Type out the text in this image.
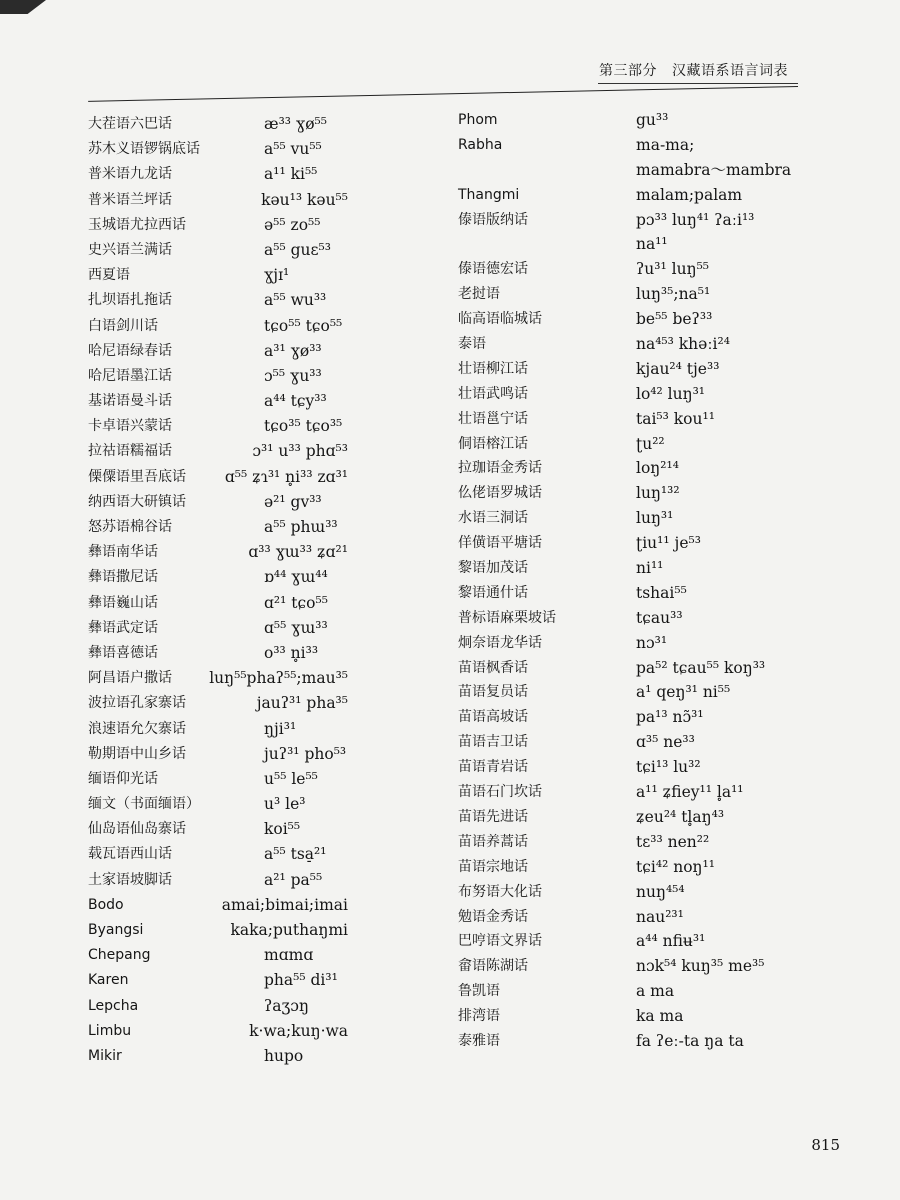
第三部分 汉藏语系语言词表
大茬语六巴话	æ³³ ɣø⁵⁵
苏木义语锣锅底话	a⁵⁵ vu⁵⁵
普米语九龙话	a¹¹ ki⁵⁵
普米语兰坪话	kəu¹³ kəu⁵⁵
玉城语尤拉西话	ə⁵⁵ zo⁵⁵
史兴语兰满话	a⁵⁵ guɛ⁵³
西夏语	ɣjɪ¹
扎坝语扎拖话	a⁵⁵ wu³³
白语剑川话	tɕo⁵⁵ tɕo⁵⁵
哈尼语绿春话	a³¹ ɣø³³
哈尼语墨江话	ɔ⁵⁵ ɣu³³
基诺语曼斗话	a⁴⁴ tɕy³³
卡卓语兴蒙话	tɕo³⁵ tɕo³⁵
拉祜语糯福话	ɔ³¹ u³³ phɑ⁵³
傈僳语里吾底话	ɑ⁵⁵ ʑɿ³¹ n̥i³³ zɑ³¹
纳西语大研镇话	ə²¹ gv³³
怒苏语棉谷话	a⁵⁵ phɯ³³
彝语南华话	ɑ³³ ɣɯ³³ ʑɑ²¹
彝语撒尼话	ɒ⁴⁴ ɣɯ⁴⁴
彝语巍山话	ɑ²¹ tɕo⁵⁵
彝语武定话	ɑ⁵⁵ ɣɯ³³
彝语喜德话	o³³ n̥i³³
阿昌语户撒话	luŋ⁵⁵phaʔ⁵⁵;mau³⁵
波拉语孔家寨话	jauʔ³¹ pha³⁵
浪速语允欠寨话	ŋji³¹
勒期语中山乡话	juʔ³¹ pho⁵³
缅语仰光话	u⁵⁵ le⁵⁵
缅文（书面缅语）	u³ le³
仙岛语仙岛寨话	koi⁵⁵
载瓦语西山话	a⁵⁵ tsa̠²¹
土家语坡脚话	a²¹ pa⁵⁵
Bodo	amai;bimai;imai
Byangsi	kaka;puthaŋmi
Chepang	mɑmɑ
Karen	pha⁵⁵ di³¹
Lepcha	ʔaʒɔŋ
Limbu	k·wa;kuŋ·wa
Mikir	hupo
Phom	gu³³
Rabha	ma-ma;
mamabra～mambra
Thangmi	malam;palam
傣语版纳话	pɔ³³ luŋ⁴¹ ʔaːi¹³
na¹¹
傣语德宏话	ʔu³¹ luŋ⁵⁵
老挝语	luŋ³⁵;na⁵¹
临高语临城话	be⁵⁵ beʔ³³
泰语	na⁴⁵³ khəːi²⁴
壮语柳江话	kjau²⁴ tje³³
壮语武鸣话	lo⁴² luŋ³¹
壮语邕宁话	tai⁵³ kou¹¹
侗语榕江话	ʈu²²
拉珈语金秀话	loŋ²¹⁴
仫佬语罗城话	luŋ¹³²
水语三洞话	luŋ³¹
佯僙语平塘话	ʈiu¹¹ je⁵³
黎语加茂话	ni¹¹
黎语通什话	tshai⁵⁵
普标语麻栗坡话	tɕau³³
炯奈语龙华话	nɔ³¹
苗语枫香话	pa⁵² tɕau⁵⁵ koŋ³³
苗语复员话	a¹ qeŋ³¹ ni⁵⁵
苗语高坡话	pa¹³ nɔ̃³¹
苗语吉卫话	ɑ³⁵ ne³³
苗语青岩话	tɕi¹³ lu³²
苗语石门坎话	a¹¹ ʑfiey¹¹ l̥a¹¹
苗语先进话	ʑeu²⁴ tl̥aŋ⁴³
苗语养蒿话	tɛ³³ nen²²
苗语宗地话	tɕi⁴² noŋ¹¹
布努语大化话	nuŋ⁴⁵⁴
勉语金秀话	nau²³¹
巴哼语文界话	a⁴⁴ nfiʉ³¹
畲语陈湖话	nɔk⁵⁴ kuŋ³⁵ me³⁵
鲁凯语	a ma
排湾语	ka ma
泰雅语	fa ʔeː-ta ŋa ta
815
